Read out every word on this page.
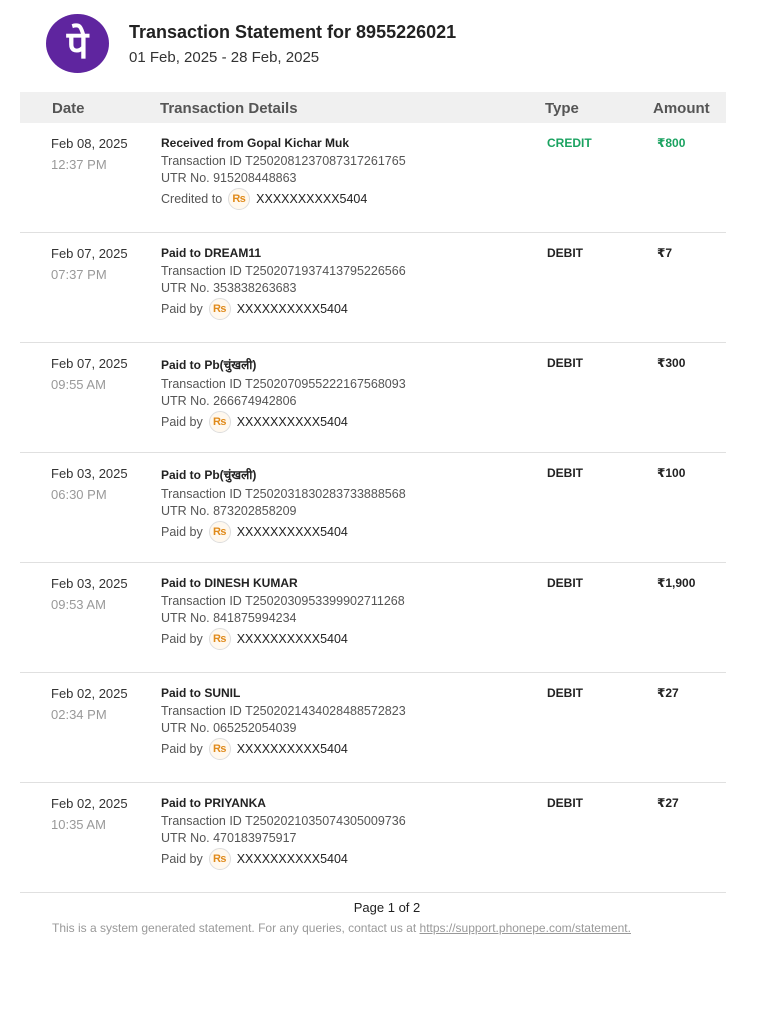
पे	Transaction Statement for 8955226021
01 Feb, 2025 - 28 Feb, 2025
Date	Transaction Details	Type	Amount
Feb 08, 2025
12:37 PM
Received from Gopal Kichar Muk
Transaction ID T2502081237087317261765
UTR No. 915208448863
Credited to ₨ XXXXXXXXXX5404
CREDIT	₹800
Feb 07, 2025
07:37 PM
Paid to DREAM11
Transaction ID T2502071937413795226566
UTR No. 353838263683
Paid by ₨ XXXXXXXXXX5404
DEBIT	₹7
Feb 07, 2025
09:55 AM
Paid to Pb(चुंखली)
Transaction ID T2502070955222167568093
UTR No. 266674942806
Paid by ₨ XXXXXXXXXX5404
DEBIT	₹300
Feb 03, 2025
06:30 PM
Paid to Pb(चुंखली)
Transaction ID T2502031830283733888568
UTR No. 873202858209
Paid by ₨ XXXXXXXXXX5404
DEBIT	₹100
Feb 03, 2025
09:53 AM
Paid to DINESH KUMAR
Transaction ID T2502030953399902711268
UTR No. 841875994234
Paid by ₨ XXXXXXXXXX5404
DEBIT	₹1,900
Feb 02, 2025
02:34 PM
Paid to SUNIL
Transaction ID T2502021434028488572823
UTR No. 065252054039
Paid by ₨ XXXXXXXXXX5404
DEBIT	₹27
Feb 02, 2025
10:35 AM
Paid to PRIYANKA
Transaction ID T2502021035074305009736
UTR No. 470183975917
Paid by ₨ XXXXXXXXXX5404
DEBIT	₹27
Page 1 of 2
This is a system generated statement. For any queries, contact us at https://support.phonepe.com/statement.
